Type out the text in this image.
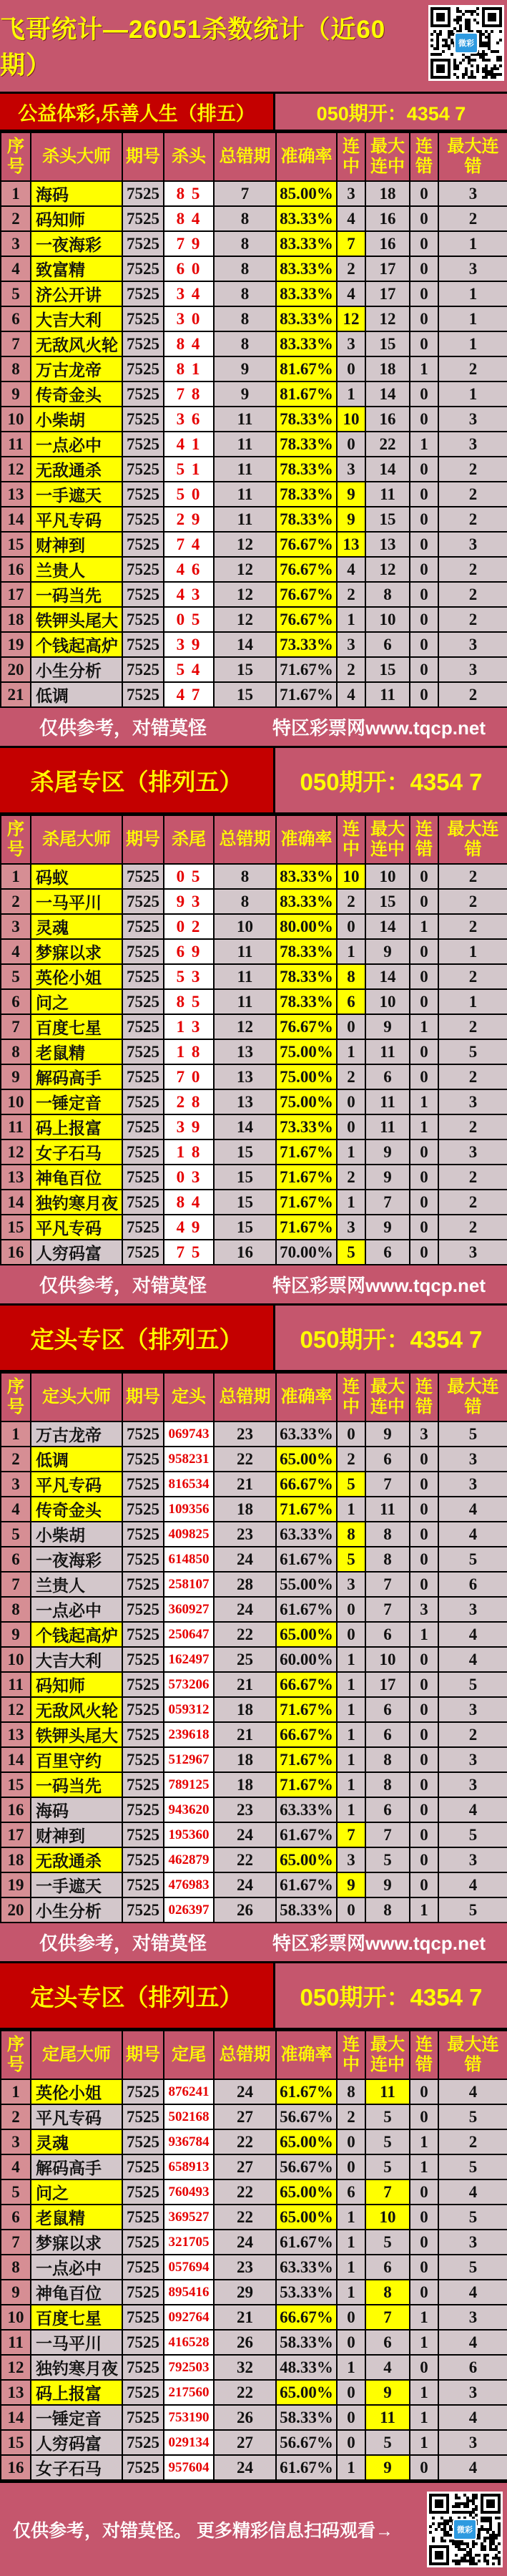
飞哥统计—26051杀数统计（近60期）
微彩
公益体彩,乐善人生（排五）	050期开：4354 7
序号	杀头大师	期号	杀头	总错期	准确率	连中	最大连中	连错	最大连错
1	海码	7525	8 5	7	85.00%	3	18	0	3
2	码知师	7525	8 4	8	83.33%	4	16	0	2
3	一夜海彩	7525	7 9	8	83.33%	7	16	0	1
4	致富精	7525	6 0	8	83.33%	2	17	0	3
5	济公开讲	7525	3 4	8	83.33%	4	17	0	1
6	大吉大利	7525	3 0	8	83.33%	12	12	0	1
7	无敌风火轮	7525	8 4	8	83.33%	3	15	0	1
8	万古龙帝	7525	8 1	9	81.67%	0	18	1	2
9	传奇金头	7525	7 8	9	81.67%	1	14	0	1
10	小柴胡	7525	3 6	11	78.33%	10	16	0	3
11	一点必中	7525	4 1	11	78.33%	0	22	1	3
12	无敌通杀	7525	5 1	11	78.33%	3	14	0	2
13	一手遮天	7525	5 0	11	78.33%	9	11	0	2
14	平凡专码	7525	2 9	11	78.33%	9	15	0	2
15	财神到	7525	7 4	12	76.67%	13	13	0	3
16	兰贵人	7525	4 6	12	76.67%	4	12	0	2
17	一码当先	7525	4 3	12	76.67%	2	8	0	2
18	铁钾头尾大	7525	0 5	12	76.67%	1	10	0	2
19	个钱起高炉	7525	3 9	14	73.33%	3	6	0	3
20	小生分析	7525	5 4	15	71.67%	2	15	0	3
21	低调	7525	4 7	15	71.67%	4	11	0	2
仅供参考，对错莫怪	特区彩票网www.tqcp.net
杀尾专区（排列五）	050期开：4354 7
序号	杀尾大师	期号	杀尾	总错期	准确率	连中	最大连中	连错	最大连错
1	码蚁	7525	0 5	8	83.33%	10	10	0	2
2	一马平川	7525	9 3	8	83.33%	2	15	0	2
3	灵魂	7525	0 2	10	80.00%	0	14	1	2
4	梦寐以求	7525	6 9	11	78.33%	1	9	0	1
5	英伦小姐	7525	5 3	11	78.33%	8	14	0	2
6	问之	7525	8 5	11	78.33%	6	10	0	1
7	百度七星	7525	1 3	12	76.67%	0	9	1	2
8	老鼠精	7525	1 8	13	75.00%	1	11	0	5
9	解码高手	7525	7 0	13	75.00%	2	6	0	2
10	一锤定音	7525	2 8	13	75.00%	0	11	1	3
11	码上报富	7525	3 9	14	73.33%	0	11	1	2
12	女子石马	7525	1 8	15	71.67%	1	9	0	3
13	神龟百位	7525	0 3	15	71.67%	2	9	0	2
14	独钓寒月夜	7525	8 4	15	71.67%	1	7	0	2
15	平凡专码	7525	4 9	15	71.67%	3	9	0	2
16	人穷码富	7525	7 5	16	70.00%	5	6	0	3
仅供参考，对错莫怪	特区彩票网www.tqcp.net
定头专区（排列五）	050期开：4354 7
序号	定头大师	期号	定头	总错期	准确率	连中	最大连中	连错	最大连错
1	万古龙帝	7525	069743	23	63.33%	0	9	3	5
2	低调	7525	958231	22	65.00%	2	6	0	3
3	平凡专码	7525	816534	21	66.67%	5	7	0	3
4	传奇金头	7525	109356	18	71.67%	1	11	0	4
5	小柴胡	7525	409825	23	63.33%	8	8	0	4
6	一夜海彩	7525	614850	24	61.67%	5	8	0	5
7	兰贵人	7525	258107	28	55.00%	3	7	0	6
8	一点必中	7525	360927	24	61.67%	0	7	3	3
9	个钱起高炉	7525	250647	22	65.00%	0	6	1	4
10	大吉大利	7525	162497	25	60.00%	1	10	0	4
11	码知师	7525	573206	21	66.67%	1	17	0	5
12	无敌风火轮	7525	059312	18	71.67%	1	6	0	3
13	铁钾头尾大	7525	239618	21	66.67%	1	6	0	2
14	百里守约	7525	512967	18	71.67%	1	8	0	3
15	一码当先	7525	789125	18	71.67%	1	8	0	3
16	海码	7525	943620	23	63.33%	1	6	0	4
17	财神到	7525	195360	24	61.67%	7	7	0	5
18	无敌通杀	7525	462879	22	65.00%	3	5	0	3
19	一手遮天	7525	476983	24	61.67%	9	9	0	4
20	小生分析	7525	026397	26	58.33%	0	8	1	5
仅供参考，对错莫怪	特区彩票网www.tqcp.net
定头专区（排列五）	050期开：4354 7
序号	定尾大师	期号	定尾	总错期	准确率	连中	最大连中	连错	最大连错
1	英伦小姐	7525	876241	24	61.67%	8	11	0	4
2	平凡专码	7525	502168	27	56.67%	2	5	0	5
3	灵魂	7525	936784	22	65.00%	0	5	1	2
4	解码高手	7525	658913	27	56.67%	0	5	1	5
5	问之	7525	760493	22	65.00%	6	7	0	4
6	老鼠精	7525	369527	22	65.00%	1	10	0	5
7	梦寐以求	7525	321705	24	61.67%	1	5	0	3
8	一点必中	7525	057694	23	63.33%	1	6	0	5
9	神龟百位	7525	895416	29	53.33%	1	8	0	4
10	百度七星	7525	092764	21	66.67%	0	7	1	3
11	一马平川	7525	416528	26	58.33%	0	6	1	4
12	独钓寒月夜	7525	792503	32	48.33%	1	4	0	6
13	码上报富	7525	217560	22	65.00%	0	9	1	3
14	一锤定音	7525	753190	26	58.33%	0	11	1	4
15	人穷码富	7525	029134	27	56.67%	0	5	1	3
16	女子石马	7525	957604	24	61.67%	1	9	0	4
仅供参考，对错莫怪。 更多精彩信息扫码观看→	微彩
